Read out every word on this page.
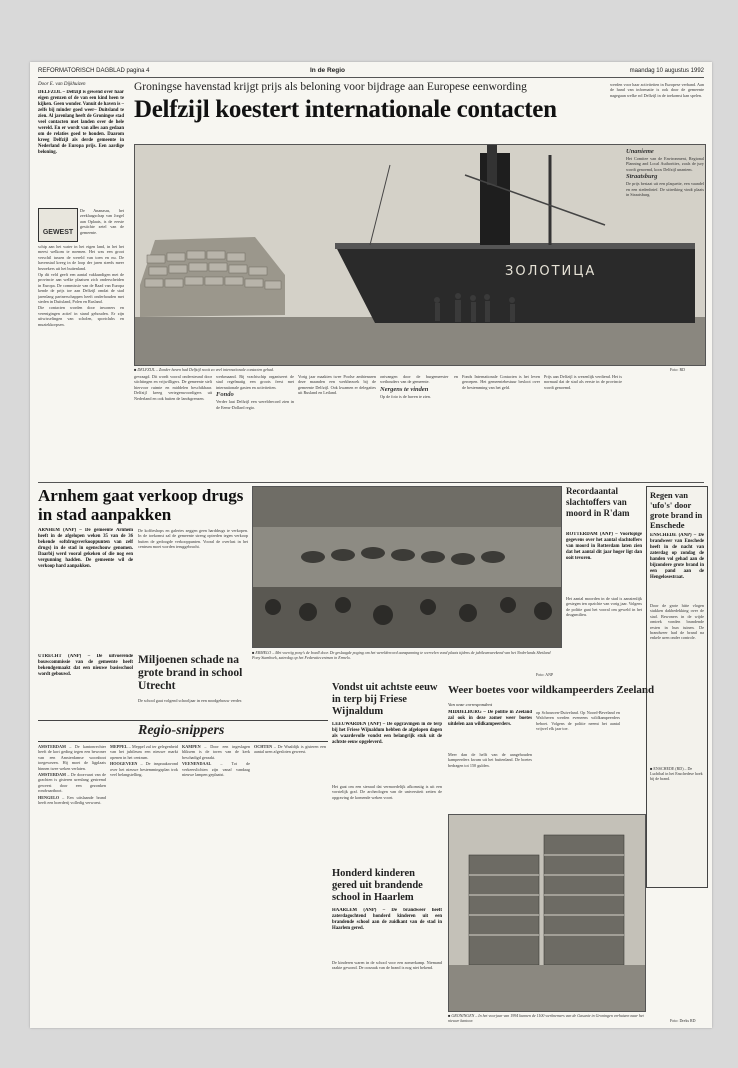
REFORMATORISCH DAGBLAD pagina 4	In de Regio	maandag 10 augustus 1992
Door E. van Dijkhuizen
DELFZIJL – Delfzijl is gewend over haar eigen grenzen of de van een kind heen te kijken. Geen wonder. Vanuit de haven is –zelfs bij minder goed weer– Duitsland te zien. Al jarenlang heeft de Groningse stad veel contacten met landen over de hele wereld. En er wordt van alles aan gedaan om de relaties goed te houden. Daarom kreeg Delfzijl als derde gemeente in Nederland de Europa prijs. Een aardige beloning.
GEWEST
De Ananasas, het zeeklaagschap van Jorgel aan Oplaats, is de eerste gestichte zetel van de gemeente.

schip aan het water in het eigen land, in het het meest welkom te noemen. Het was een groot verschil tussen de wereld van toen en nu. De havenstad kreeg in de loop der jaren steeds meer bezoekers uit het buitenland.

Op dit veld geeft een aantal vakkundigen met de provincie aan welke plaatsen zich onderscheiden in Europa. De commissie van de Raad van Europa kende de prijs toe aan Delfzijl omdat de stad jarenlang partnerschappen heeft onderhouden met steden in Duitsland, Polen en Rusland.

Die contacten worden door inwoners en verenigingen actief in stand gehouden. Er zijn uitwisselingen van scholen, sportclubs en muziekkorpsen.

Groningse havenstad krijgt prijs als beloning voor bijdrage aan Europese eenwording
Delfzijl koestert internationale contacten
ЗОЛОТИЦА
■ DELFZIJL – Zonder haven had Delfzijl nooit zo veel internationale contacten gehad.	Foto: RD
werden voor haar activiteiten in Europese verband. Aan de hand van informatie is ook door de gemeente nagegaan welke rol Delfzijl in de toekomst kan spelen.
gevraagd. Dit wordt vooral ondersteund door stichtingen en vrijwilligers. De gemeente stelt hiervoor ruimte en middelen beschikbaar. Delfzijl kreeg vertegenwoordigers uit Nederland en ook buiten de landsgrenzen.

werkmaand. Bij vrachtschip organiseert de stad regelmatig een groots feest met internationale gasten en activiteiten.

Fondo

Verder laat Delfzijl een wereldrecord zien in de Eems-Dollard regio.

Vorig jaar maakten twee Poolse ambtenaren deze maanden een werkbezoek bij de gemeente Delfzijl. Ook kwamen er delegaties uit Rusland en Letland.

ontvangen door de burgemeester en wethouders van de gemeente.

Nergens te vinden

Op de foto is de haven te zien.

Fonds Internationale Contacten is het leven geroepen. Het gemeentebestuur besloot over de bestemming van het geld.
Prijs aan Delfzijl is wezenlijk verdiend. Het is normaal dat de stad als eerste in de provincie wordt genoemd.
Unanieme

Het Comitee van de Environment, Regional Planning and Local Authorities, zoals de jury wordt genoemd, koos Delfzijl unaniem.

Straatsburg

De prijs bestaat uit een plaquette, een vaandel en een stedenbrief. De uitreiking vindt plaats in Straatsburg.

Arnhem gaat verkoop drugs in stad aanpakken
ARNHEM (ANP) – De gemeente Arnhem heeft in de afgelopen weken 35 van de 36 bekende softdrugsverkooppunten van zelf drugs) in de stad in ogenschouw genomen. Daarbij werd vooral gekeken of die nog een vergunning hadden. De gemeente wil de verkoop hard aanpakken.
De koffieshops en galeries zeggen geen harddrugs te verkopen. In de toekomst zal de gemeente streng optreden tegen verkoop buiten de gedoogde verkooppunten. Vooral de overlast in het centrum moet worden teruggebracht.
■ ERMELO – Met voertig pony's de boedl door. De geslaagde poging om het wereldrecord aanspanning te wervelen vond plaats tijdens de jubileumweekend van het Nederlands Shetland Pony Stamboek, zaterdag op het Federatiecentrum in Ermelo.
Foto: ANP
Recordaantal slachtoffers van moord in R'dam
ROTTERDAM (ANP) – Voorlopige gegevens over het aantal slachtoffers van moord in Rotterdam laten zien dat het aantal dit jaar hoger ligt dan ooit tevoren.
Het aantal moorden in de stad is aanzienlijk gestegen ten opzichte van vorig jaar. Volgens de politie gaat het vooral om geweld in het drugsmilieu.
Regen van 'ufo's' door grote brand in Enschede
ENSCHEDE (ANP) – De brandweer van Enschede heeft in de nacht van zaterdag op zondag de handen vol gehad aan de bijzondere grote brand in een pand aan de Hengelosestraat.
Door de grote hitte vlogen stukken dakbedekking over de stad. Bewoners in de wijde omtrek vonden brandende resten in hun tuinen. De brandweer had de brand na enkele uren onder controle.
■ ENSCHEDE (RD) – De Luchtbal in het Enschedese hoek bij de brand.
UTRECHT (ANP) – De uitvoerende bouwcommissie van de gemeente heeft bekendgemaakt dat een nieuwe basisschool wordt gebouwd.
Miljoenen schade na grote brand in school Utrecht
De school gaat volgend schooljaar in een noodgebouw verder.
Regio-snippers

AMSTERDAM – De kantonrechter heeft de kort geding tegen een bewoner van een Amsterdamse woonboot toegewezen. Hij moet de ligplaats binnen twee weken verlaten.

AMSTERDAM – De doorvaart van de grachten is gisteren urenlang gestremd geweest door een gezonken rondvaartboot.

HENGELO – Een uitslaande brand heeft een boerderij volledig verwoest.

MEPPEL – Meppel zal ter gelegenheid van het jubileum een nieuwe markt openen in het centrum.

HOOGEVEEN – De inspraakavond over het nieuwe bestemmingsplan trok veel belangstelling.

KAMPEN – Door een ingeslagen bliksem is de toren van de kerk beschadigd geraakt.

VEENENDAAL – Tot de verkeerslichten zijn vanaf vandaag nieuwe lampen geplaatst.

OCHTEN – De Waaldijk is gisteren een aantal uren afgesloten geweest.

Vondst uit achtste eeuw in terp bij Friese Wijnaldum
LEEUWARDEN (ANP) – De opgravingen in de terp bij het Friese Wijnaldum hebben de afgelopen dagen als waardevolle vondst een belangrijk stuk uit de achtste eeuw opgeleverd.
Het gaat om een sieraad dat vermoedelijk afkomstig is uit een vorstelijk graf. De archeologen van de universiteit zetten de opgraving de komende weken voort.
Honderd kinderen gered uit brandende school in Haarlem
HAARLEM (ANP) – De brandweer heeft zaterdagochtend honderd kinderen uit een brandende school aan de zuidkant van de stad in Haarlem gered.
De kinderen waren in de school voor een zomerkamp. Niemand raakte gewond. De oorzaak van de brand is nog niet bekend.
Weer boetes voor wildkampeerders Zeeland
Van onze correspondent
MIDDELBURG – De politie in Zeeland zal ook in deze zomer weer boetes uitdelen aan wildkampeerders.
Meer dan de helft van de aangehouden kampeerders kwam uit het buitenland. De boetes bedragen tot 150 gulden.
op Schouwen-Duiveland. Op Noord-Beveland en Walcheren werden eveneens wildkampeerders beboet. Volgens de politie neemt het aantal vrijwel elk jaar toe.
■ GRONINGEN – In het voorjaar van 1994 kunnen de 1100 werknemers van de Gasunie in Groningen verhuizen naar het nieuwe kantoor.	Foto: Dreks RD
